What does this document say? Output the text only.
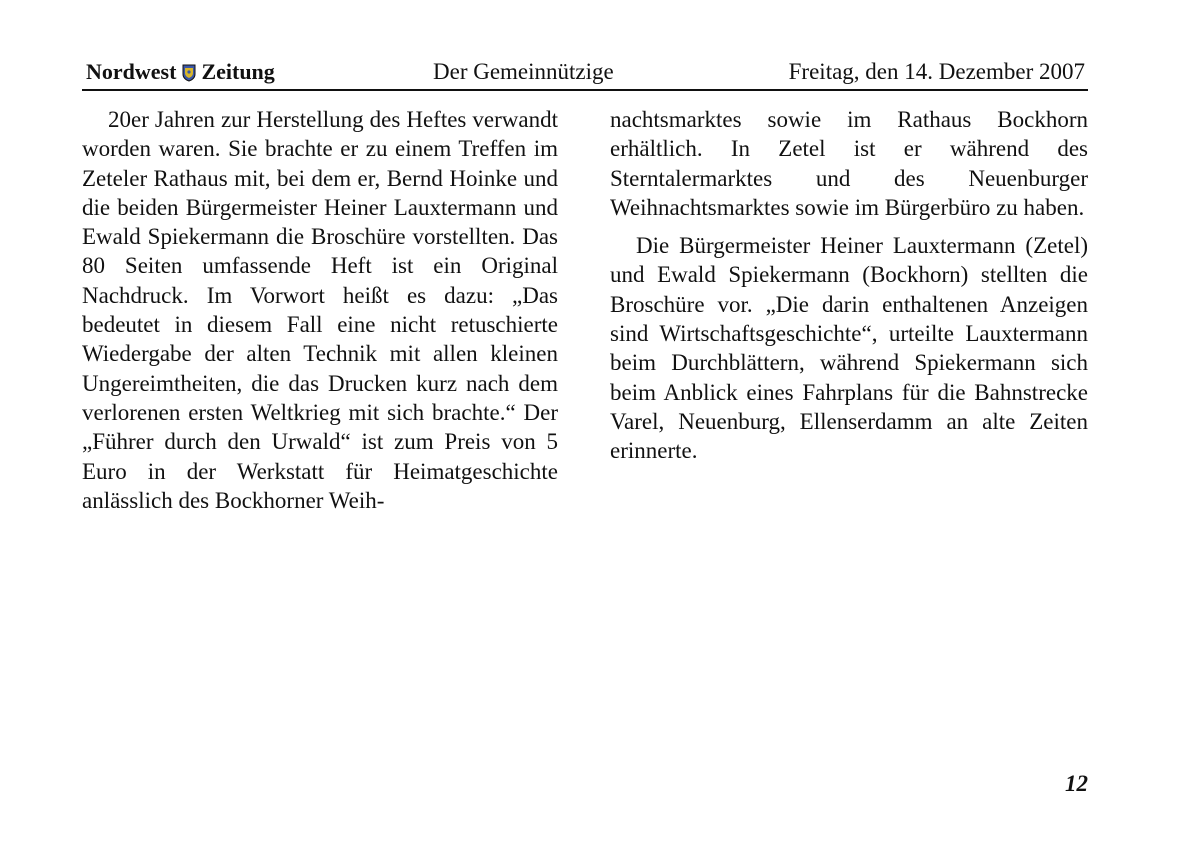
Nordwest Zeitung	Der Gemeinnützige	Freitag, den 14. Dezember 2007

20er Jahren zur Herstellung des Heftes verwandt worden waren. Sie brachte er zu einem Treffen im Zeteler Rathaus mit, bei dem er, Bernd Hoinke und die beiden Bürgermeister Heiner Lauxtermann und Ewald Spiekermann die Broschüre vorstellten. Das 80 Seiten umfassende Heft ist ein Original Nachdruck. Im Vorwort heißt es dazu: „Das bedeutet in diesem Fall eine nicht retuschierte Wiedergabe der alten Technik mit allen kleinen Ungereimtheiten, die das Drucken kurz nach dem verlorenen ersten Weltkrieg mit sich brachte.“ Der „Führer durch den Urwald“ ist zum Preis von 5 Euro in der Werkstatt für Heimatgeschichte anlässlich des Bockhorner Weih-

nachtsmarktes sowie im Rathaus Bockhorn erhältlich. In Zetel ist er während des Sterntalermarktes und des Neuenburger Weihnachtsmarktes sowie im Bürgerbüro zu haben.

Die Bürgermeister Heiner Lauxtermann (Zetel) und Ewald Spiekermann (Bockhorn) stellten die Broschüre vor. „Die darin enthaltenen Anzeigen sind Wirtschaftsgeschichte“, urteilte Lauxtermann beim Durchblättern, während Spiekermann sich beim Anblick eines Fahrplans für die Bahnstrecke Varel, Neuenburg, Ellenserdamm an alte Zeiten erinnerte.

12
